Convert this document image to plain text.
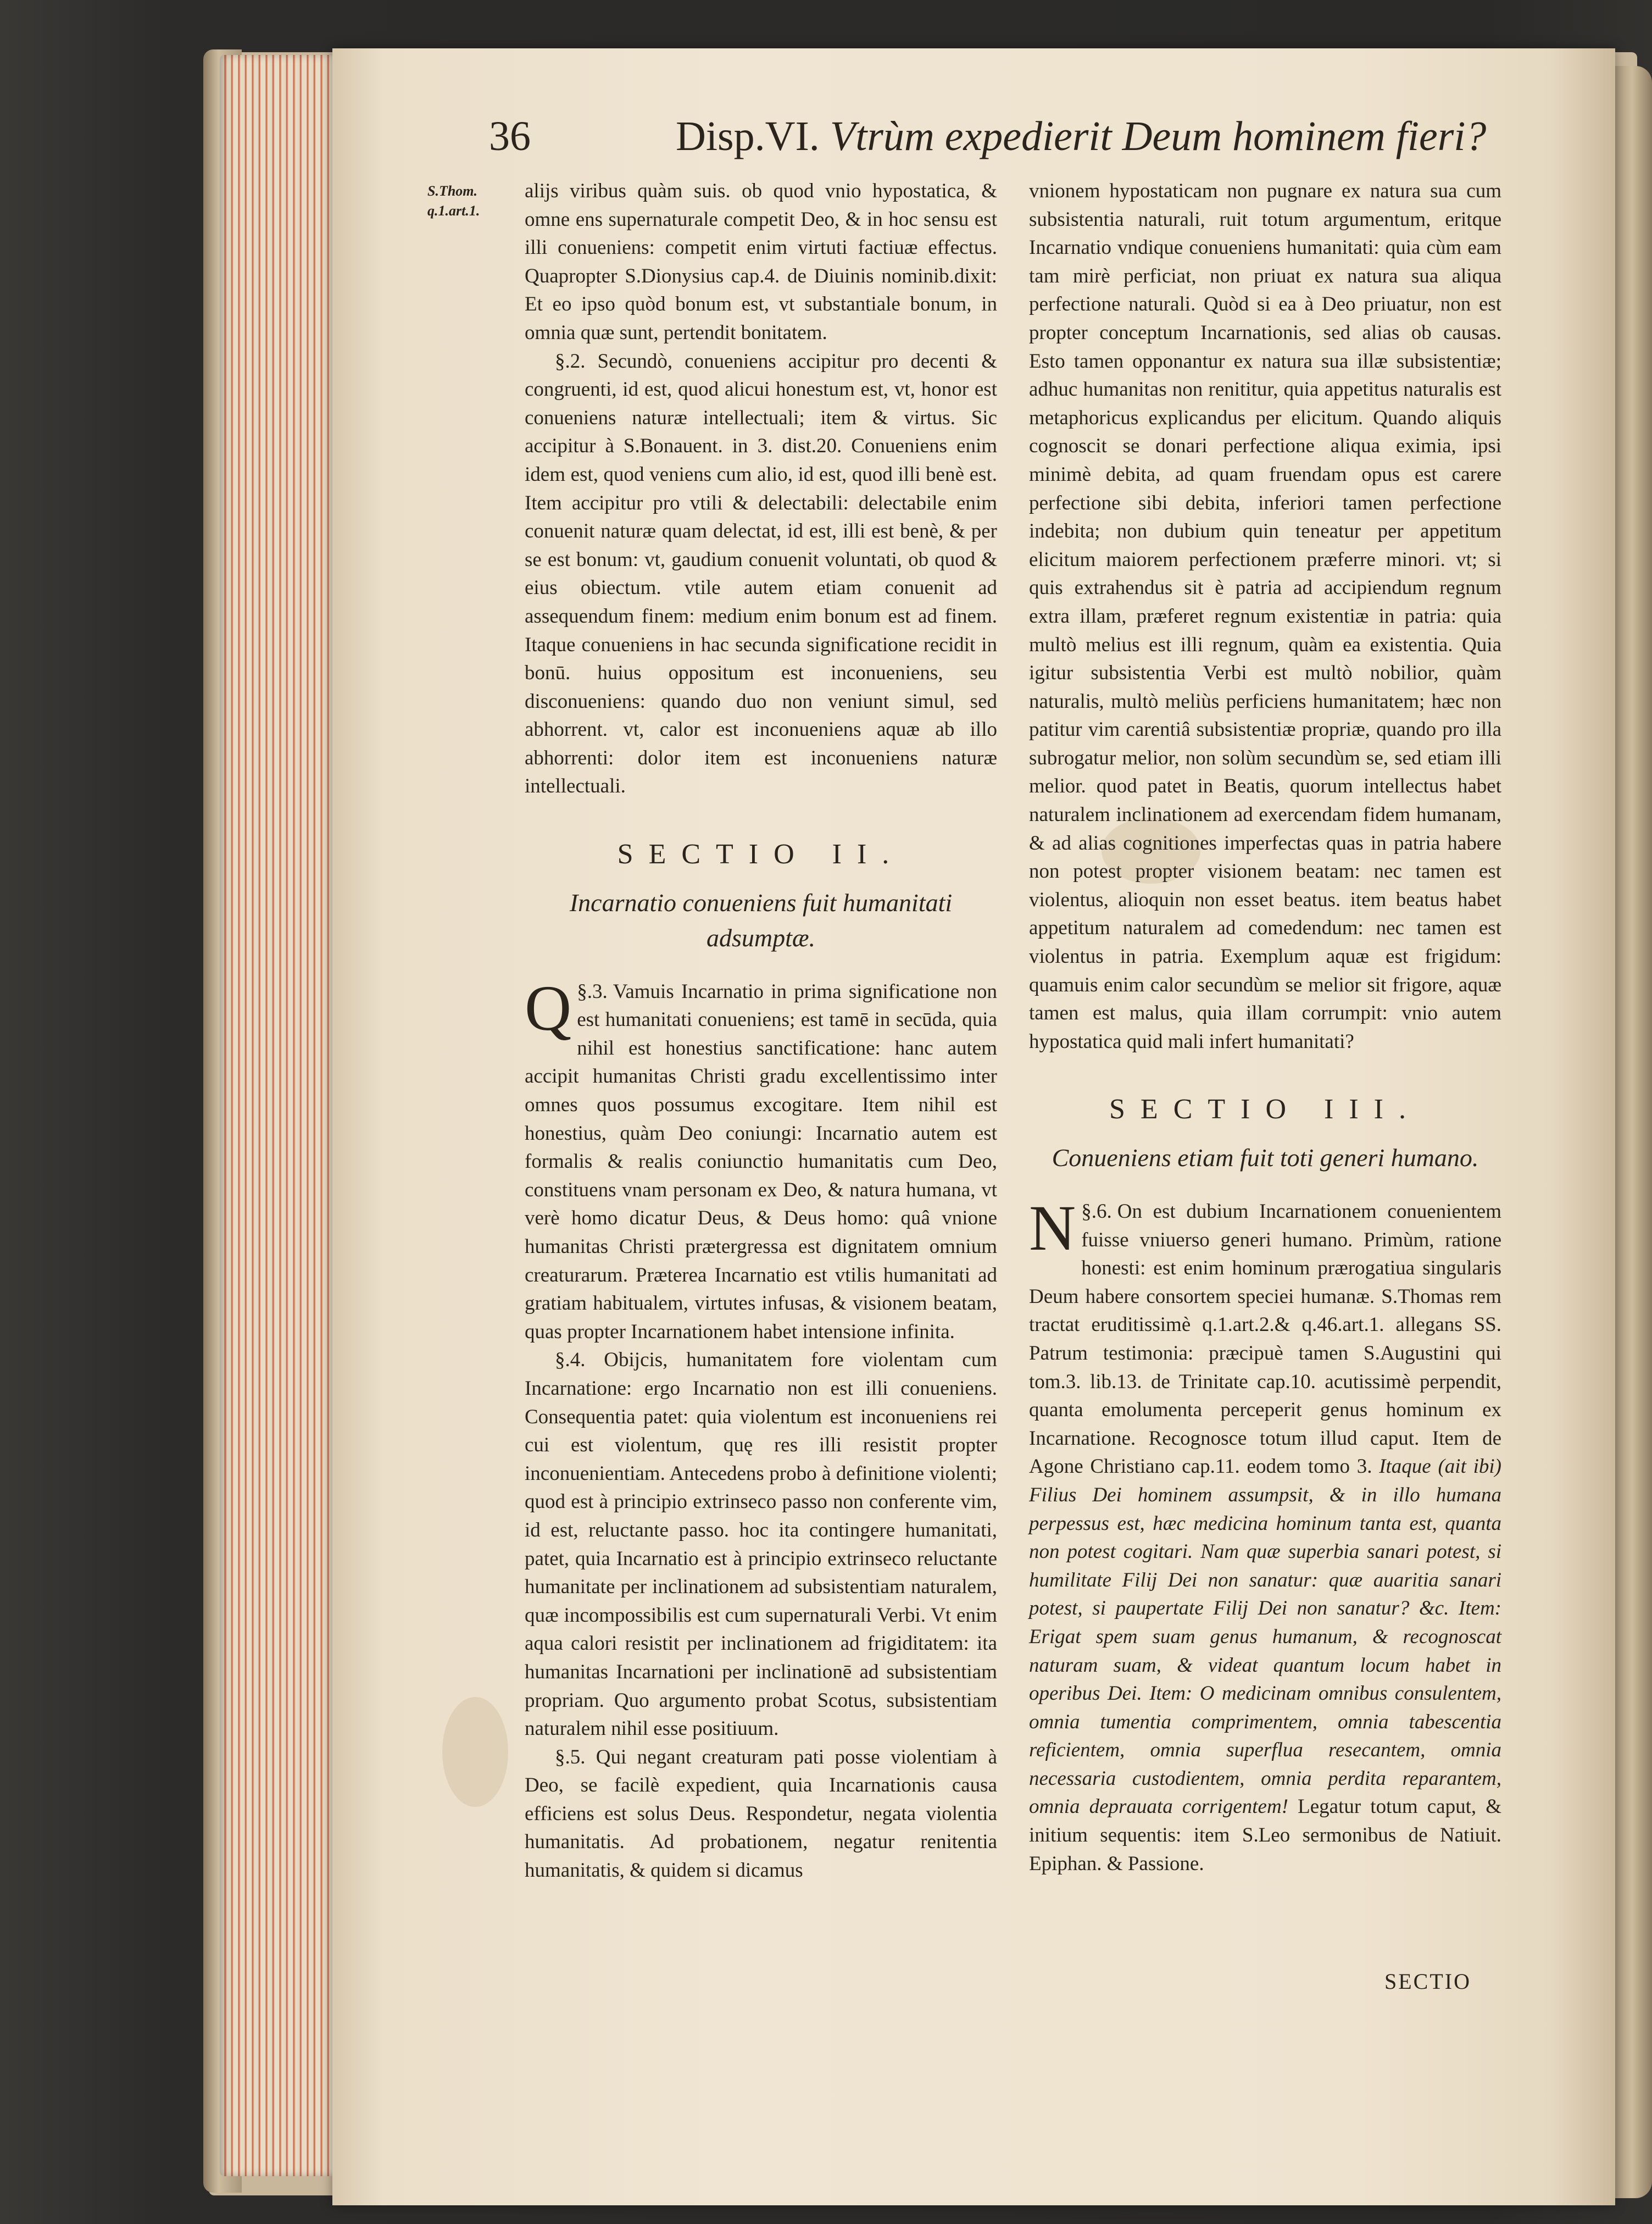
36	Disp.VI. Vtrùm expedierit Deum hominem fieri?
S.Thom.
q.1.art.1.

alijs viribus quàm suis. ob quod vnio hypostatica, & omne ens supernaturale competit Deo, & in hoc sensu est illi conueniens: competit enim virtuti factiuæ effectus. Quapropter S.Dionysius cap.4. de Diuinis nominib.dixit: Et eo ipso quòd bonum est, vt substantiale bonum, in omnia quæ sunt, pertendit bonitatem.

§.2. Secundò, conueniens accipitur pro decenti & congruenti, id est, quod alicui honestum est, vt, honor est conueniens naturæ intellectuali; item & virtus. Sic accipitur à S.Bonauent. in 3. dist.20. Conueniens enim idem est, quod veniens cum alio, id est, quod illi benè est. Item accipitur pro vtili & delectabili: delectabile enim conuenit naturæ quam delectat, id est, illi est benè, & per se est bonum: vt, gaudium conuenit voluntati, ob quod & eius obiectum. vtile autem etiam conuenit ad assequendum finem: medium enim bonum est ad finem. Itaque conueniens in hac secunda significatione recidit in bonū. huius oppositum est inconueniens, seu disconueniens: quando duo non veniunt simul, sed abhorrent. vt, calor est inconueniens aquæ ab illo abhorrenti: dolor item est inconueniens naturæ intellectuali.

SECTIO II.
Incarnatio conueniens fuit humanitati adsumptæ.

§.3.
Q Vamuis Incarnatio in prima significatione non est humanitati conueniens; est tamē in secūda, quia nihil est honestius sanctificatione: hanc autem accipit humanitas Christi gradu excellentissimo inter omnes quos possumus excogitare. Item nihil est honestius, quàm Deo coniungi: Incarnatio autem est formalis & realis coniunctio humanitatis cum Deo, constituens vnam personam ex Deo, & natura humana, vt verè homo dicatur Deus, & Deus homo: quâ vnione humanitas Christi prætergressa est dignitatem omnium creaturarum. Præterea Incarnatio est vtilis humanitati ad gratiam habitualem, virtutes infusas, & visionem beatam, quas propter Incarnationem habet intensione infinita.

§.4. Obijcis, humanitatem fore violentam cum Incarnatione: ergo Incarnatio non est illi conueniens. Consequentia patet: quia violentum est inconueniens rei cui est violentum, quę res illi resistit propter inconuenientiam. Antecedens probo à definitione violenti; quod est à principio extrinseco passo non conferente vim, id est, reluctante passo. hoc ita contingere humanitati, patet, quia Incarnatio est à principio extrinseco reluctante humanitate per inclinationem ad subsistentiam naturalem, quæ incompossibilis est cum supernaturali Verbi. Vt enim aqua calori resistit per inclinationem ad frigiditatem: ita humanitas Incarnationi per inclinationē ad subsistentiam propriam. Quo argumento probat Scotus, subsistentiam naturalem nihil esse positiuum.

§.5. Qui negant creaturam pati posse violentiam à Deo, se facilè expedient, quia Incarnationis causa efficiens est solus Deus. Respondetur, negata violentia humanitatis. Ad probationem, negatur renitentia humanitatis, & quidem si dicamus

vnionem hypostaticam non pugnare ex natura sua cum subsistentia naturali, ruit totum argumentum, eritque Incarnatio vndique conueniens humanitati: quia cùm eam tam mirè perficiat, non priuat ex natura sua aliqua perfectione naturali. Quòd si ea à Deo priuatur, non est propter conceptum Incarnationis, sed alias ob causas. Esto tamen opponantur ex natura sua illæ subsistentiæ; adhuc humanitas non renititur, quia appetitus naturalis est metaphoricus explicandus per elicitum. Quando aliquis cognoscit se donari perfectione aliqua eximia, ipsi minimè debita, ad quam fruendam opus est carere perfectione sibi debita, inferiori tamen perfectione indebita; non dubium quin teneatur per appetitum elicitum maiorem perfectionem præferre minori. vt; si quis extrahendus sit è patria ad accipiendum regnum extra illam, præferet regnum existentiæ in patria: quia multò melius est illi regnum, quàm ea existentia. Quia igitur subsistentia Verbi est multò nobilior, quàm naturalis, multò meliùs perficiens humanitatem; hæc non patitur vim carentiâ subsistentiæ propriæ, quando pro illa subrogatur melior, non solùm secundùm se, sed etiam illi melior. quod patet in Beatis, quorum intellectus habet naturalem inclinationem ad exercendam fidem humanam, & ad alias cognitiones imperfectas quas in patria habere non potest propter visionem beatam: nec tamen est violentus, alioquin non esset beatus. item beatus habet appetitum naturalem ad comedendum: nec tamen est violentus in patria. Exemplum aquæ est frigidum: quamuis enim calor secundùm se melior sit frigore, aquæ tamen est malus, quia illam corrumpit: vnio autem hypostatica quid mali infert humanitati?

SECTIO III.
Conueniens etiam fuit toti generi humano.

§.6.
N On est dubium Incarnationem conuenientem fuisse vniuerso generi humano. Primùm, ratione honesti: est enim hominum prærogatiua singularis Deum habere consortem speciei humanæ. S.Thomas rem tractat eruditissimè q.1.art.2.& q.46.art.1. allegans SS. Patrum testimonia: præcipuè tamen S.Augustini qui tom.3. lib.13. de Trinitate cap.10. acutissimè perpendit, quanta emolumenta perceperit genus hominum ex Incarnatione. Recognosce totum illud caput. Item de Agone Christiano cap.11. eodem tomo 3. Itaque (ait ibi) Filius Dei hominem assumpsit, & in illo humana perpessus est, hæc medicina hominum tanta est, quanta non potest cogitari. Nam quæ superbia sanari potest, si humilitate Filij Dei non sanatur: quæ auaritia sanari potest, si paupertate Filij Dei non sanatur? &c. Item: Erigat spem suam genus humanum, & recognoscat naturam suam, & videat quantum locum habet in operibus Dei. Item: O medicinam omnibus consulentem, omnia tumentia comprimentem, omnia tabescentia reficientem, omnia superflua resecantem, omnia necessaria custodientem, omnia perdita reparantem, omnia deprauata corrigentem! Legatur totum caput, & initium sequentis: item S.Leo sermonibus de Natiuit. Epiphan. & Passione.

SECTIO
